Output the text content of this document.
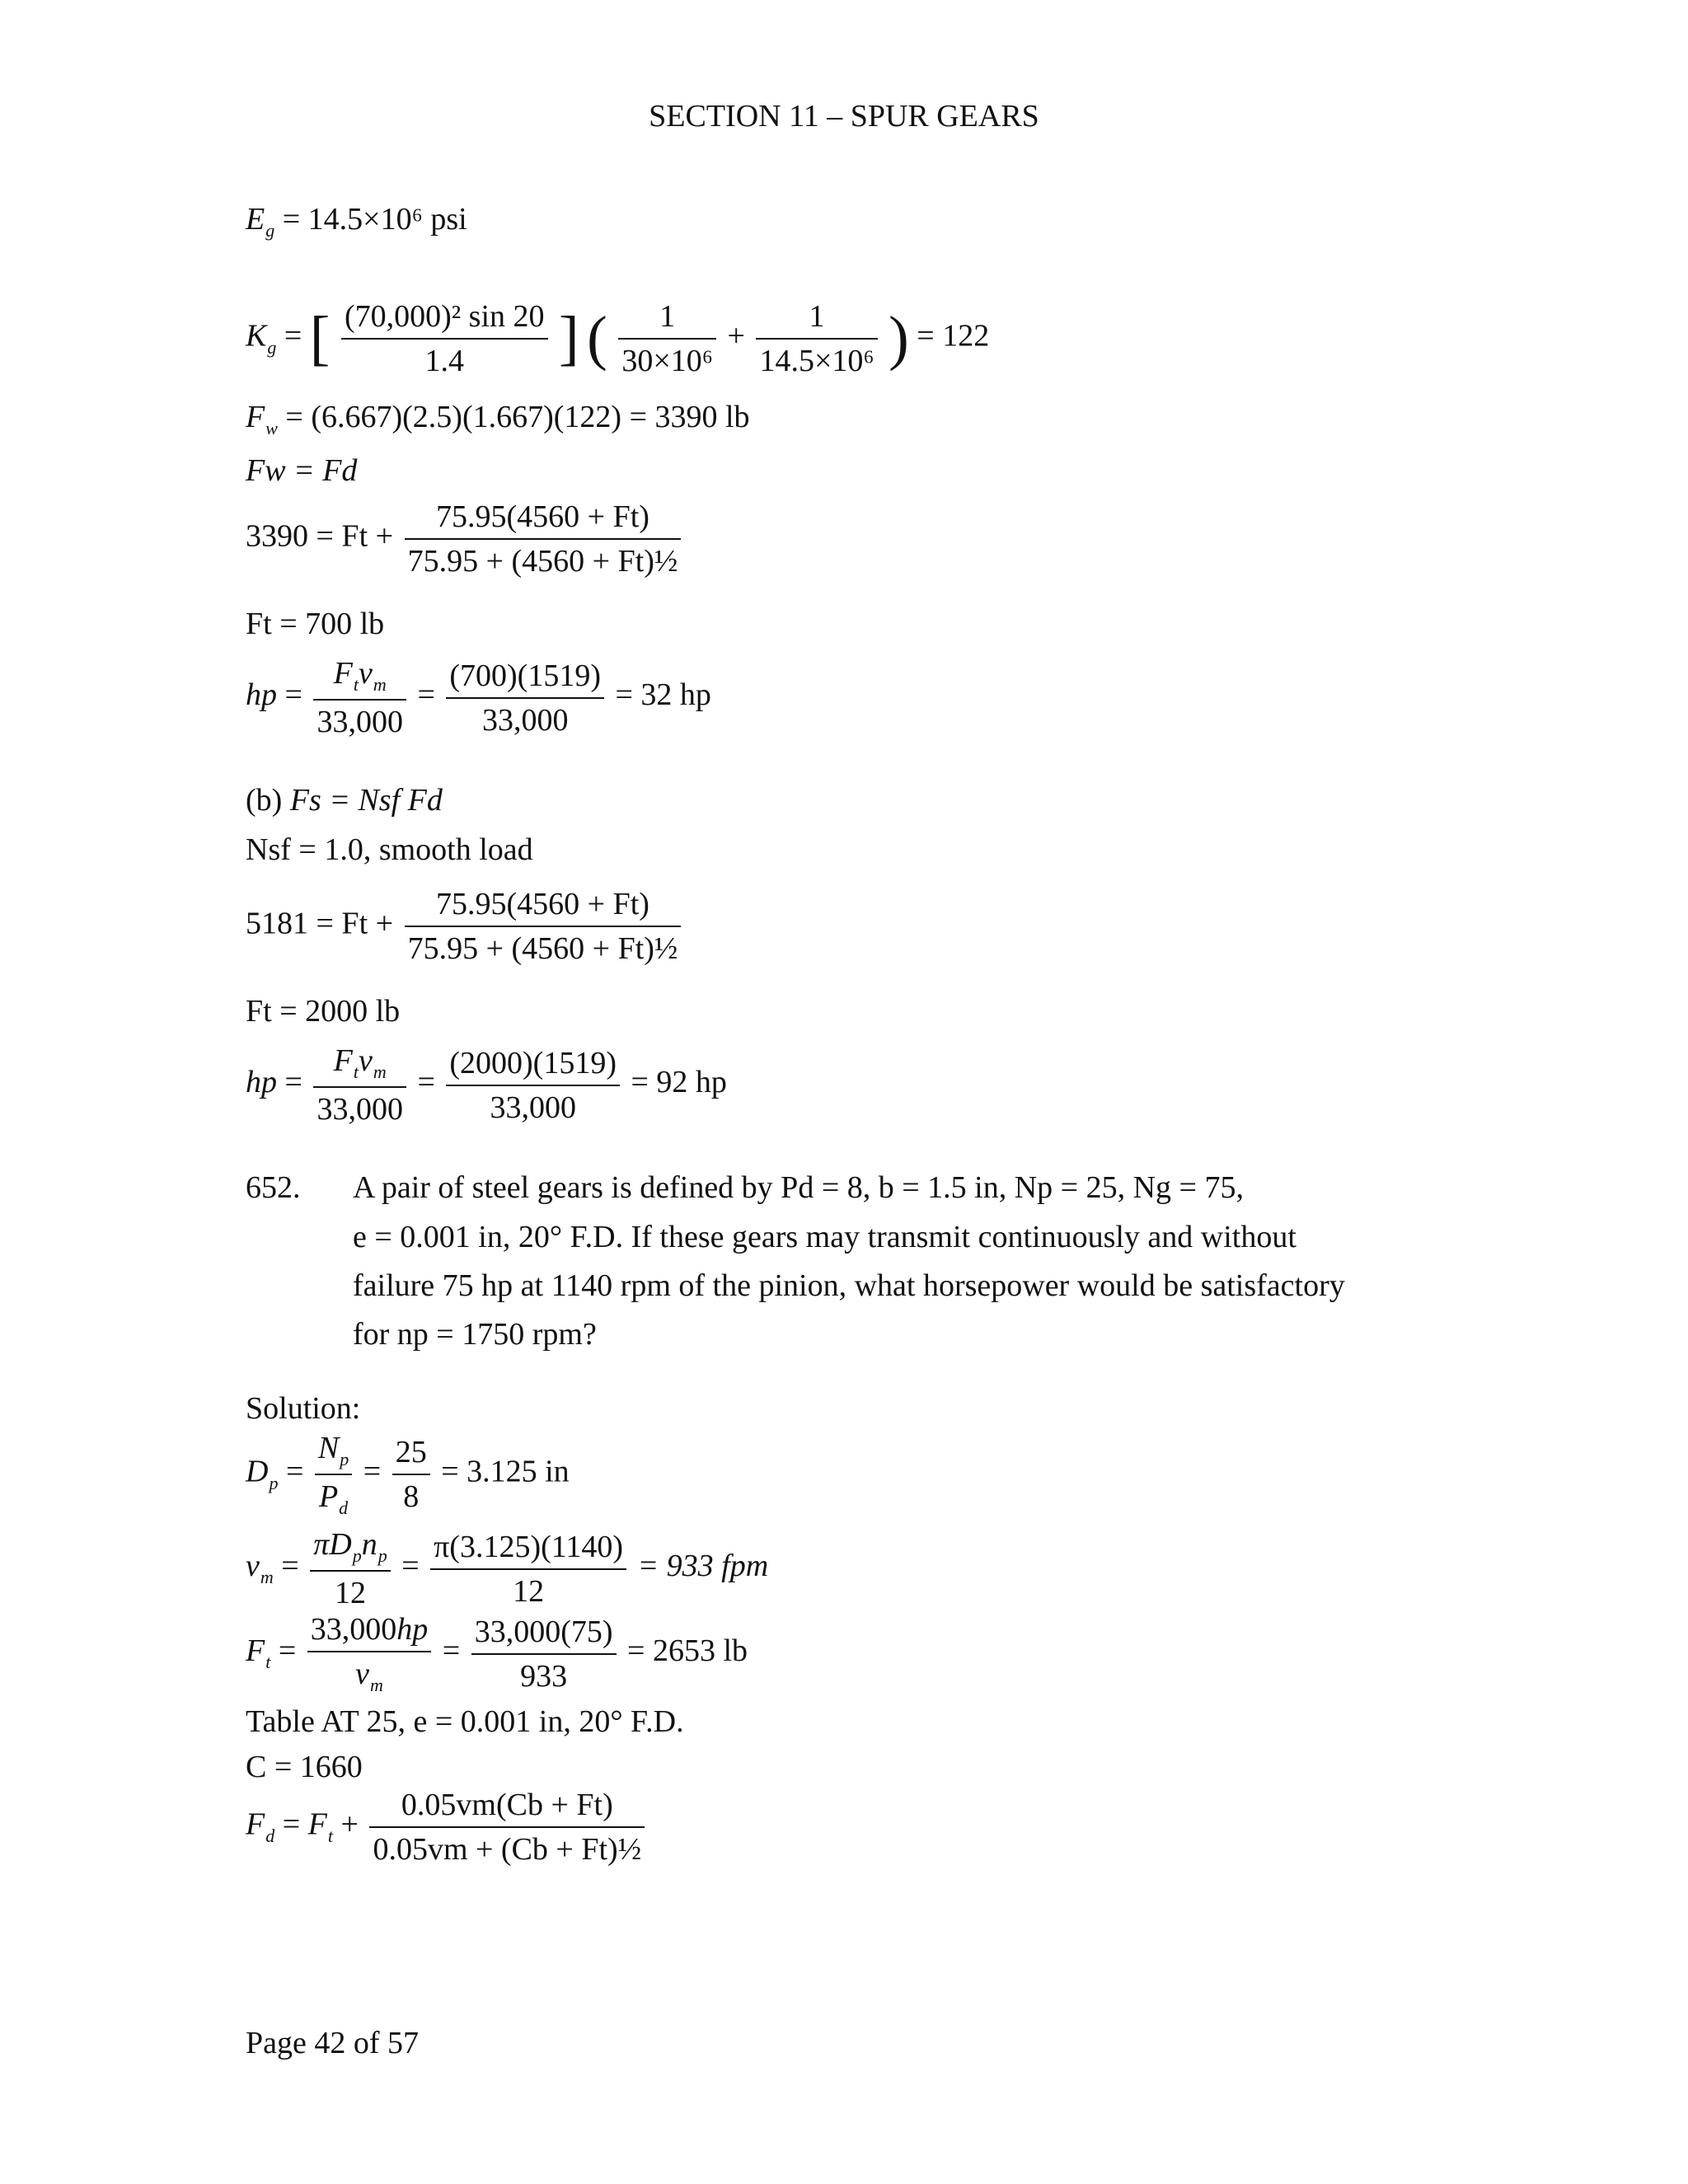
SECTION 11 – SPUR GEARS
$E_g = 14.5\times 10^6$ psi
$K_g$ = [ $\frac{\text{(70,000)² sin 20}}{1.4}$ ] ( $\frac{1}{\text{30×10⁶}} + \frac{1}{\text{14.5×10⁶}}$ ) = 122
$F_w = (6.667)(2.5)(1.667)(122) = 3390$ lb
Fw = Fd
$3390 = Ft + \frac{75.95(4560 + Ft)}{\text{75.95 + (4560 + Ft)½}}$
Ft = 700 lb
hp = $\frac{F_tv_m}{33,000} = \frac{(700)(1519)}{33,000} = 32$ hp
(b) Fs = Nsf Fd
Nsf = 1.0, smooth load
$5181 = Ft + \frac{75.95(4560 + Ft)}{\text{75.95 + (4560 + Ft)½}}$
Ft = 2000 lb
hp = $\frac{F_tv_m}{33,000} = \frac{(2000)(1519)}{33,000} = 92$ hp
652. A pair of steel gears is defined by Pd = 8, b = 1.5 in, Np = 25, Ng = 75,
e = 0.001 in, 20° F.D. If these gears may transmit continuously and without
failure 75 hp at 1140 rpm of the pinion, what horsepower would be satisfactory
for np = 1750 rpm?
Solution:
$D_p = \frac{N_p}{P_d} = \frac{25}{8} = 3.125$ in
$v_m = \frac{\pi D_pn_p}{12} = \frac{\pi(3.125)(1140)}{12} = 933$ fpm
$F_t = \frac{33,000hp}{v_m} = \frac{33,000(75)}{933} = 2653$ lb
Table AT 25, e = 0.001 in, 20° F.D.
C = 1660
$F_d = F_t + \frac{0.05vm(Cb + Ft)}{\text{0.05vm + (Cb + Ft)½}}$
Page 42 of 57
